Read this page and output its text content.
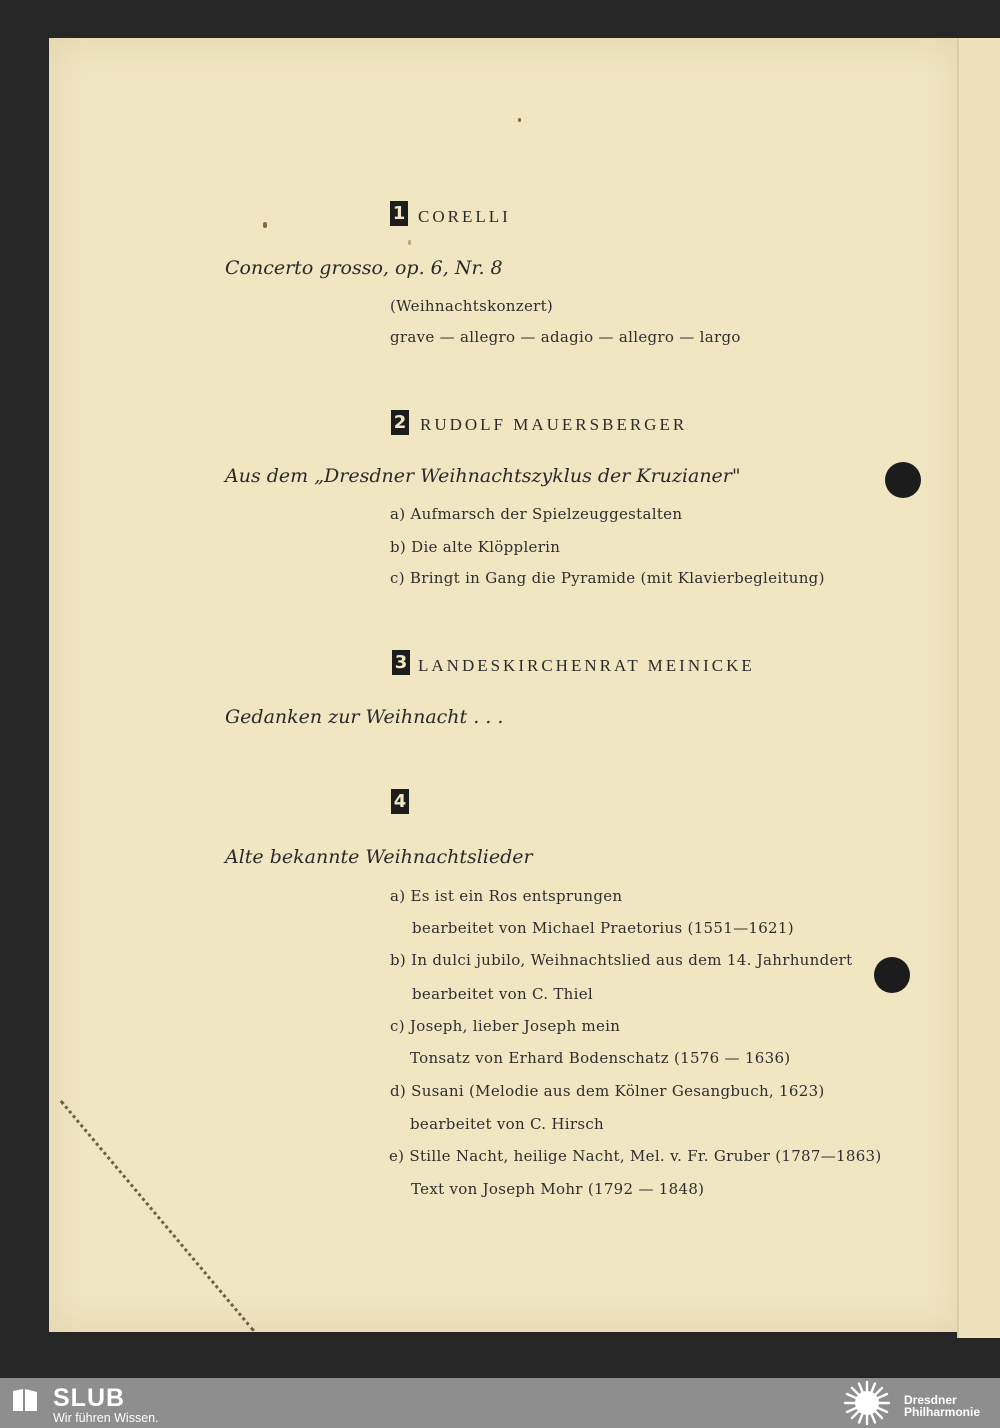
1 CORELLI
Concerto grosso, op. 6, Nr. 8
(Weihnachtskonzert)
grave — allegro — adagio — allegro — largo
2 RUDOLF MAUERSBERGER
Aus dem „Dresdner Weihnachtszyklus der Kruzianer"
a) Aufmarsch der Spielzeuggestalten
b) Die alte Klöpplerin
c) Bringt in Gang die Pyramide (mit Klavierbegleitung)
3 LANDESKIRCHENRAT MEINICKE
Gedanken zur Weihnacht . . .
4
Alte bekannte Weihnachtslieder
a) Es ist ein Ros entsprungen
bearbeitet von Michael Praetorius (1551—1621)
b) In dulci jubilo, Weihnachtslied aus dem 14. Jahrhundert
bearbeitet von C. Thiel
c) Joseph, lieber Joseph mein
Tonsatz von Erhard Bodenschatz (1576 — 1636)
d) Susani (Melodie aus dem Kölner Gesangbuch, 1623)
bearbeitet von C. Hirsch
e) Stille Nacht, heilige Nacht, Mel. v. Fr. Gruber (1787—1863)
Text von Joseph Mohr (1792 — 1848)
SLUB
Wir führen Wissen.
Dresdner
Philharmonie
